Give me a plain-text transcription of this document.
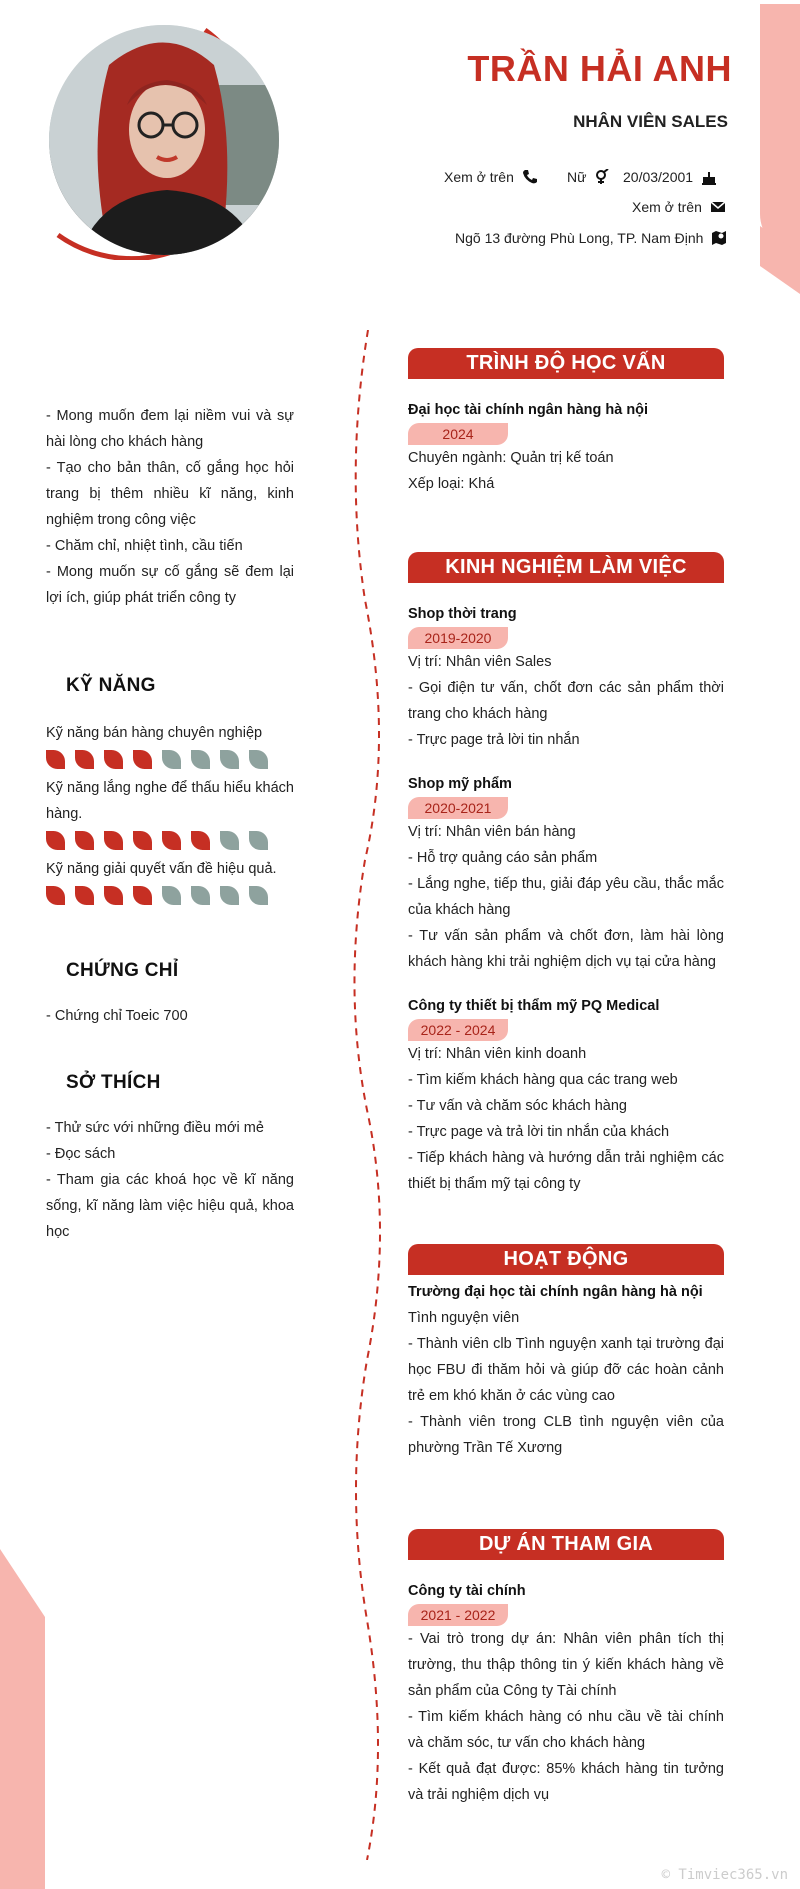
TRẦN HẢI ANH
NHÂN VIÊN SALES
Xem ở trên	Nữ	20/03/2001
Xem ở trên
Ngõ 13 đường Phù Long, TP. Nam Định
- Mong muốn đem lại niềm vui và sự hài lòng cho khách hàng
- Tạo cho bản thân, cố gắng học hỏi trang bị thêm nhiều kĩ năng, kinh nghiệm trong công việc
- Chăm chỉ, nhiệt tình, cầu tiến
- Mong muốn sự cố gắng sẽ đem lại lợi ích, giúp phát triển công ty
KỸ NĂNG
Kỹ năng bán hàng chuyên nghiệp
Kỹ năng lắng nghe để thấu hiểu khách hàng.
Kỹ năng giải quyết vấn đề hiệu quả.
CHỨNG CHỈ
- Chứng chỉ Toeic 700
SỞ THÍCH
- Thử sức với những điều mới mẻ
- Đọc sách
- Tham gia các khoá học về kĩ năng sống, kĩ năng làm việc hiệu quả, khoa học
TRÌNH ĐỘ HỌC VẤN
Đại học tài chính ngân hàng hà nội
2024
Chuyên ngành: Quản trị kế toán
Xếp loại: Khá
KINH NGHIỆM LÀM VIỆC
Shop thời trang
2019-2020
Vị trí: Nhân viên Sales
- Gọi điện tư vấn, chốt đơn các sản phẩm thời trang cho khách hàng
- Trực page trả lời tin nhắn
Shop mỹ phẩm
2020-2021
Vị trí: Nhân viên bán hàng
- Hỗ trợ quảng cáo sản phẩm
- Lắng nghe, tiếp thu, giải đáp yêu cầu, thắc mắc của khách hàng
- Tư vấn sản phẩm và chốt đơn, làm hài lòng khách hàng khi trải nghiệm dịch vụ tại cửa hàng
Công ty thiết bị thẩm mỹ PQ Medical
2022 - 2024
Vị trí: Nhân viên kinh doanh
- Tìm kiếm khách hàng qua các trang web
- Tư vấn và chăm sóc khách hàng
- Trực page và trả lời tin nhắn của khách
- Tiếp khách hàng và hướng dẫn trải nghiệm các thiết bị thẩm mỹ tại công ty
HOẠT ĐỘNG
Trường đại học tài chính ngân hàng hà nội
Tình nguyện viên
- Thành viên clb Tình nguyện xanh tại trường đại học FBU đi thăm hỏi và giúp đỡ các hoàn cảnh trẻ em khó khăn ở các vùng cao
- Thành viên trong CLB tình nguyện viên của phường Trần Tế Xương
DỰ ÁN THAM GIA
Công ty tài chính
2021 - 2022
- Vai trò trong dự án: Nhân viên phân tích thị trường, thu thập thông tin ý kiến khách hàng về sản phẩm của Công ty Tài chính
- Tìm kiếm khách hàng có nhu cầu về tài chính và chăm sóc, tư vấn cho khách hàng
- Kết quả đạt được: 85% khách hàng tin tưởng và trải nghiệm dịch vụ
© Timviec365.vn
